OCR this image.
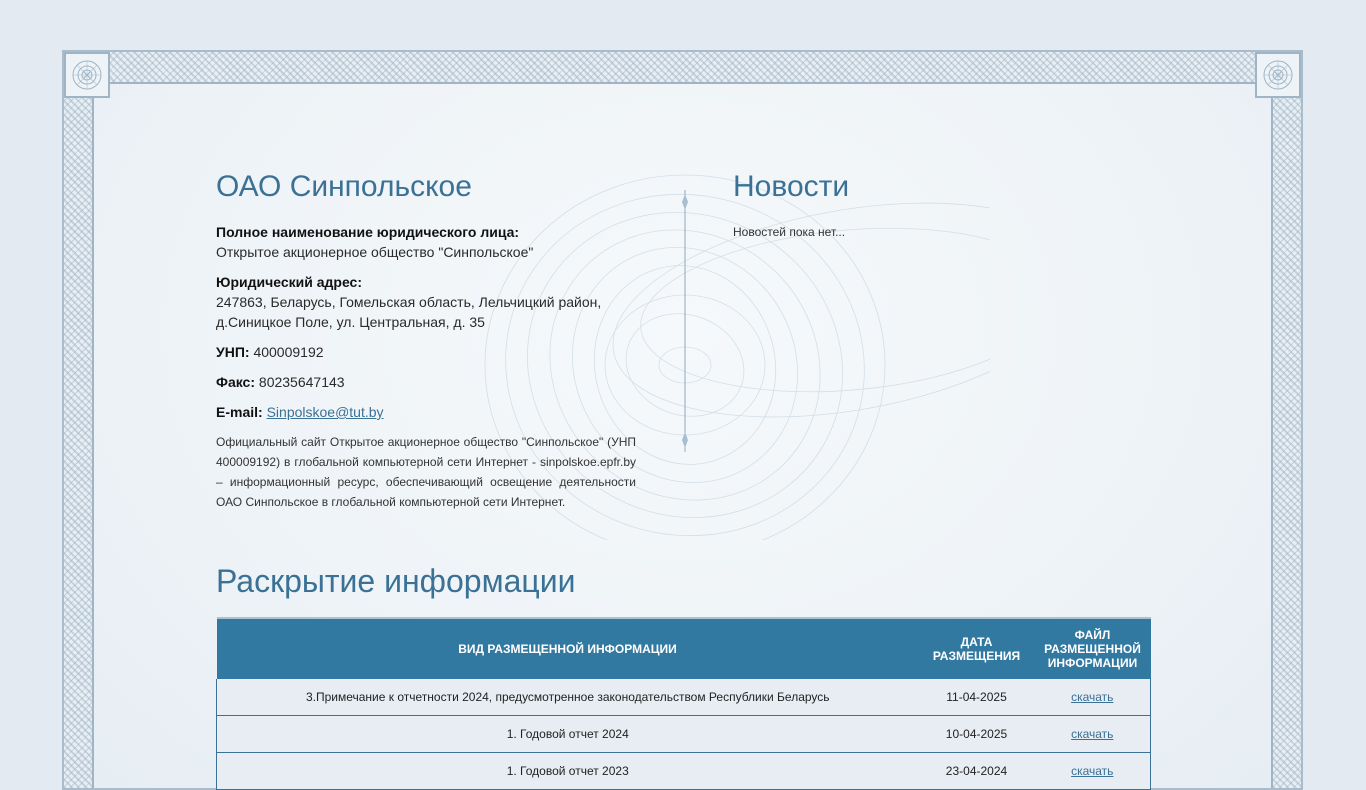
ОАО Синпольское
Полное наименование юридического лица:
Открытое акционерное общество "Синпольское"
Юридический адрес:
247863, Беларусь, Гомельская область, Лельчицкий район,
д.Синицкое Поле, ул. Центральная, д. 35
УНП: 400009192
Факс: 80235647143
E-mail: Sinpolskoe@tut.by
Официальный сайт Открытое акционерное общество "Синпольское" (УНП 400009192) в глобальной компьютерной сети Интернет - sinpolskoe.epfr.by – информационный ресурс, обеспечивающий освещение деятельности ОАО Синпольское в глобальной компьютерной сети Интернет.
Новости
Новостей пока нет...
Раскрытие информации
ВИД РАЗМЕЩЕННОЙ ИНФОРМАЦИИ	ДАТА РАЗМЕЩЕНИЯ	ФАЙЛ РАЗМЕЩЕННОЙ ИНФОРМАЦИИ
3.Примечание к отчетности 2024, предусмотренное законодательством Республики Беларусь	11-04-2025	скачать
1. Годовой отчет 2024	10-04-2025	скачать
1. Годовой отчет 2023	23-04-2024	скачать
